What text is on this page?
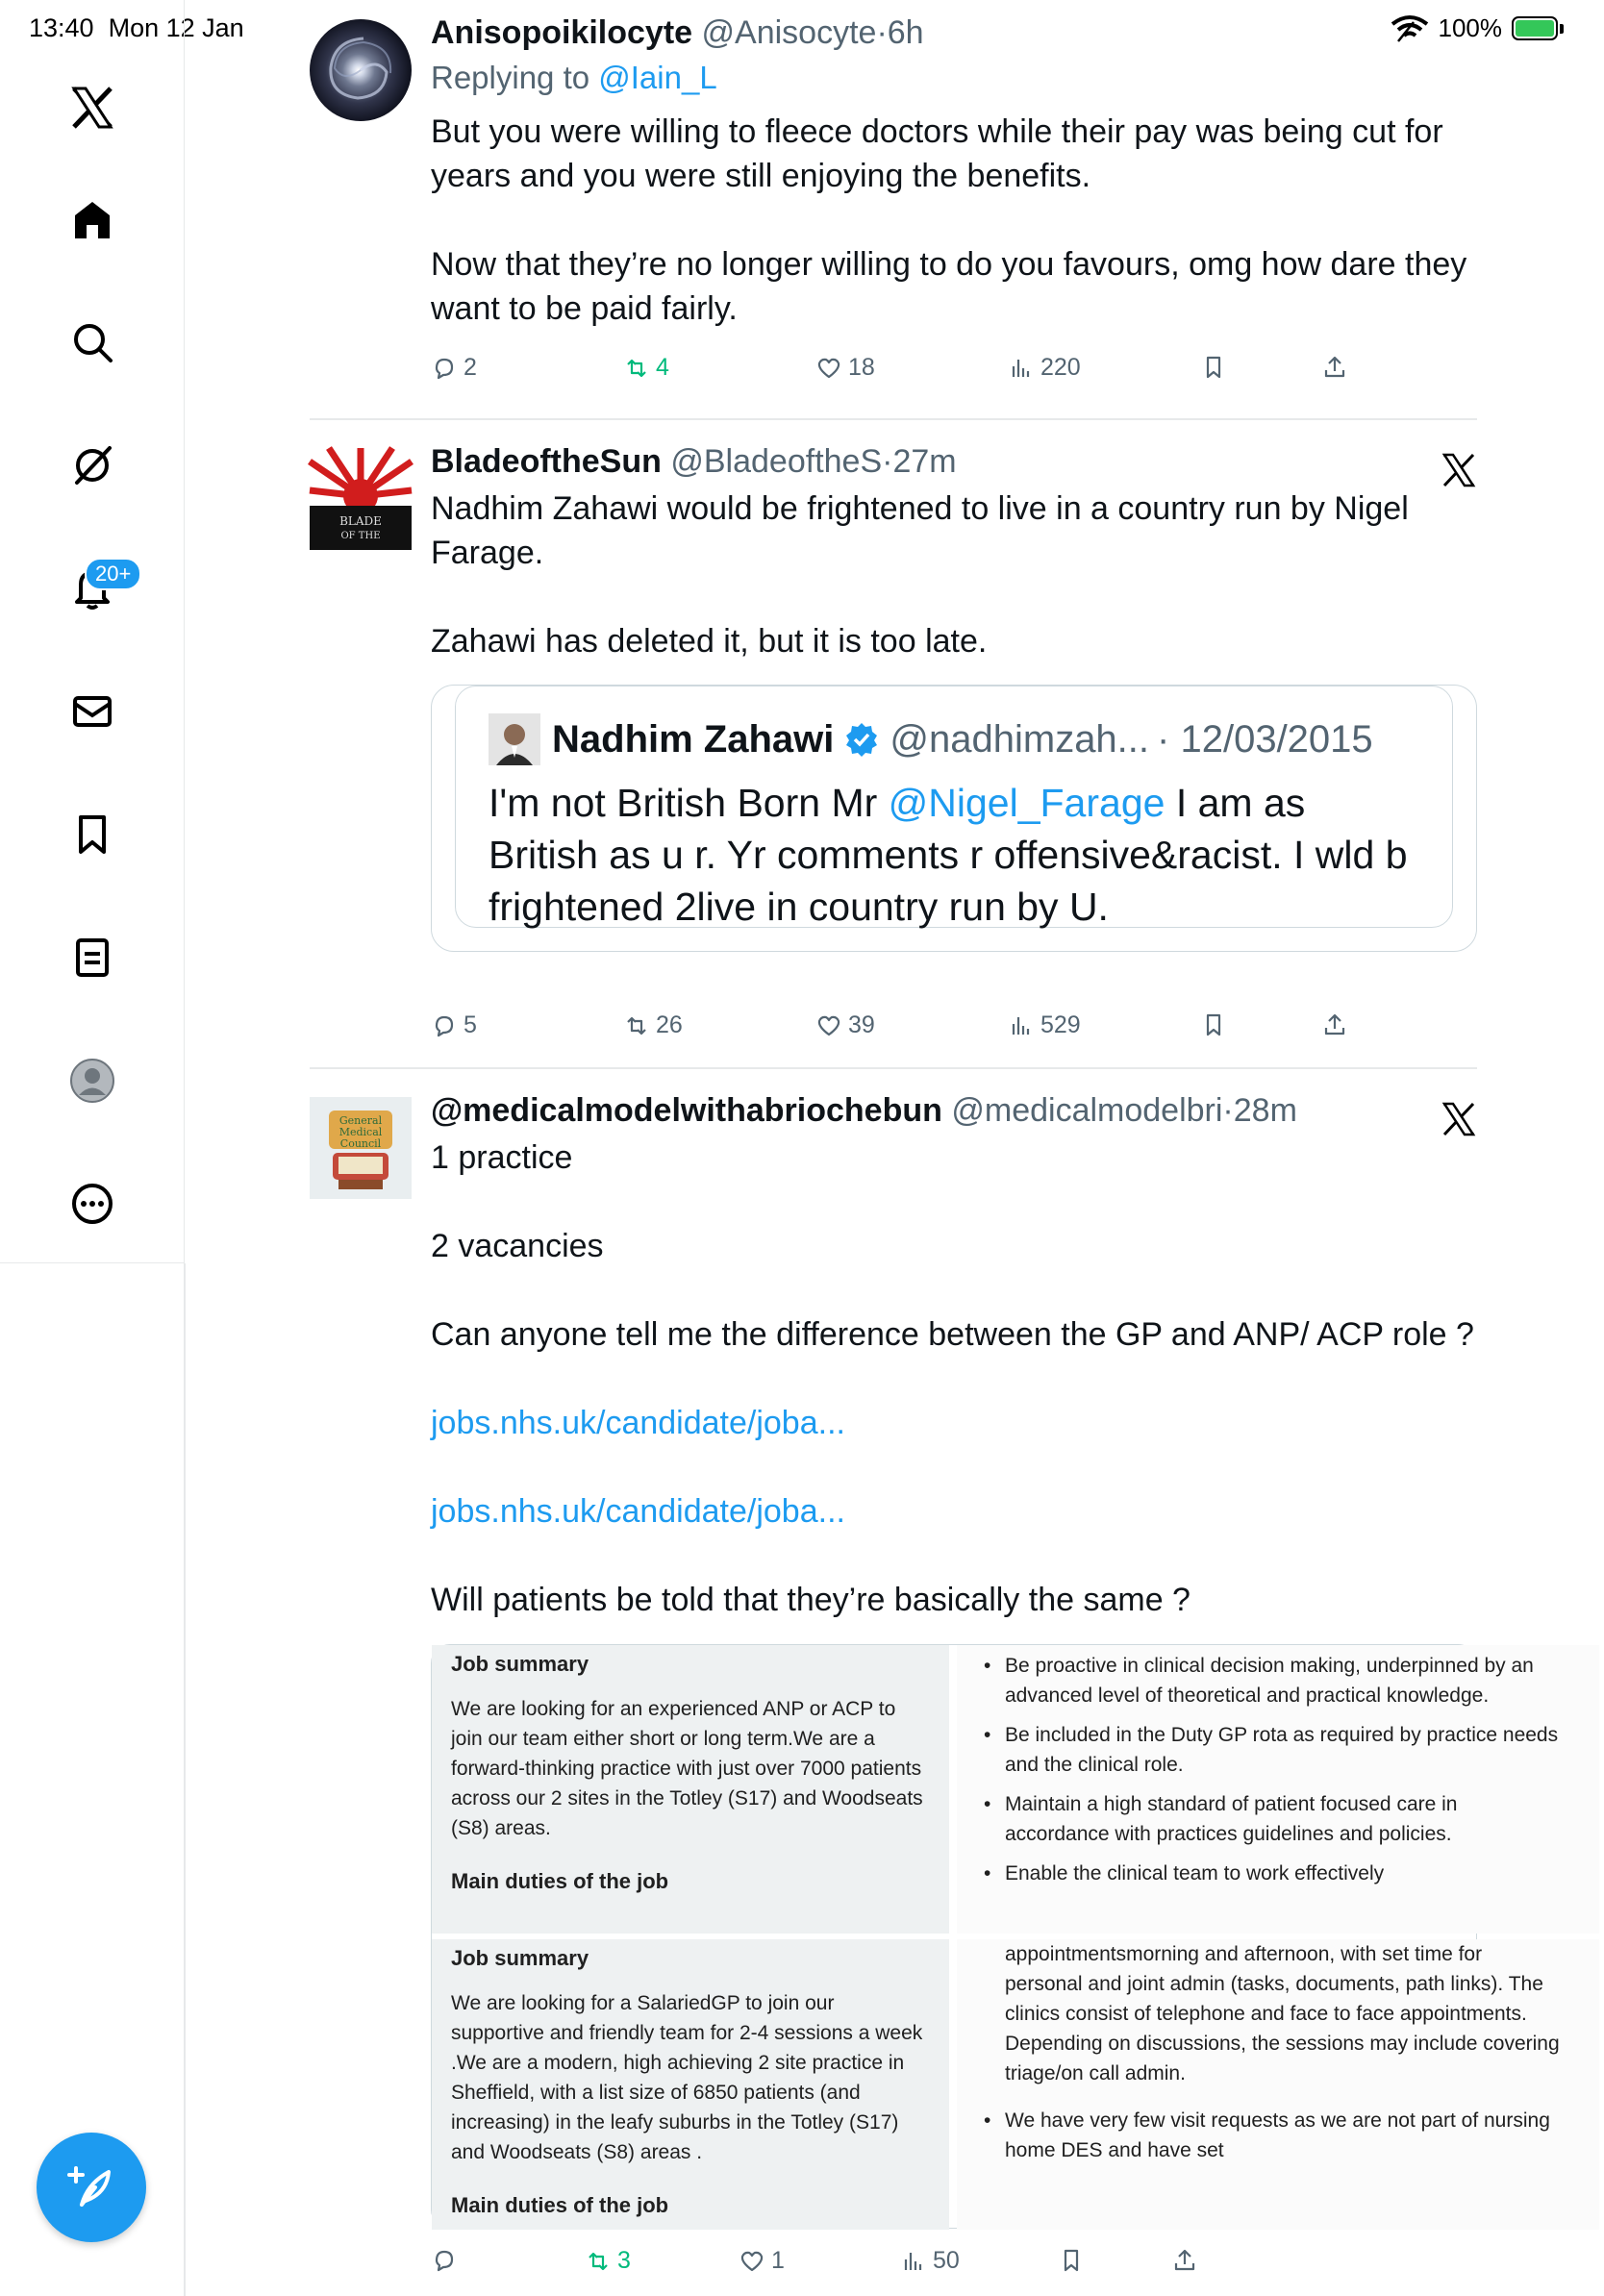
13:40 Mon 12 Jan	100%
20+
Anisopoikilocyte @Anisocyte·6h
Replying to @Iain_L

But you were willing to fleece doctors while their pay was being cut for years and you were still enjoying the benefits.

Now that they’re no longer willing to do you favours, omg how dare they want to be paid fairly.

2	4	18	220
BLADE
OF THE
BladeoftheSun @BladeoftheS·27m

Nadhim Zahawi would be frightened to live in a country run by Nigel Farage.

Zahawi has deleted it, but it is too late.

Nadhim Zahawi @nadhimzah... · 12/03/2015
I'm not British Born Mr @Nigel_Farage I am as British as u r. Yr comments r offensive&racist. I wld b frightened 2live in country run by U.
5	26	39	529
General
Medical
Council
@medicalmodelwithabriochebun @medicalmodelbri·28m

1 practice

2 vacancies

Can anyone tell me the difference between the GP and ANP/ ACP role ?

jobs.nhs.uk/candidate/joba...

jobs.nhs.uk/candidate/joba...

Will patients be told that they’re basically the same ?

Job summary
We are looking for an experienced ANP or ACP to join our team either short or long term.We are a forward-thinking practice with just over 7000 patients across our 2 sites in the Totley (S17) and Woodseats (S8) areas.
Main duties of the job
• Be proactive in clinical decision making, underpinned by an advanced level of theoretical and practical knowledge.
• Be included in the Duty GP rota as required by practice needs and the clinical role.
• Maintain a high standard of patient focused care in accordance with practices guidelines and policies.
• Enable the clinical team to work effectively
Job summary
We are looking for a SalariedGP to join our supportive and friendly team for 2-4 sessions a week .We are a modern, high achieving 2 site practice in Sheffield, with a list size of 6850 patients (and increasing) in the leafy suburbs in the Totley (S17) and Woodseats (S8) areas .
Main duties of the job
appointmentsmorning and afternoon, with set time for personal and joint admin (tasks, documents, path links). The clinics consist of telephone and face to face appointments. Depending on discussions, the sessions may include covering triage/on call admin.
• We have very few visit requests as we are not part of nursing home DES and have set
3	1	50
